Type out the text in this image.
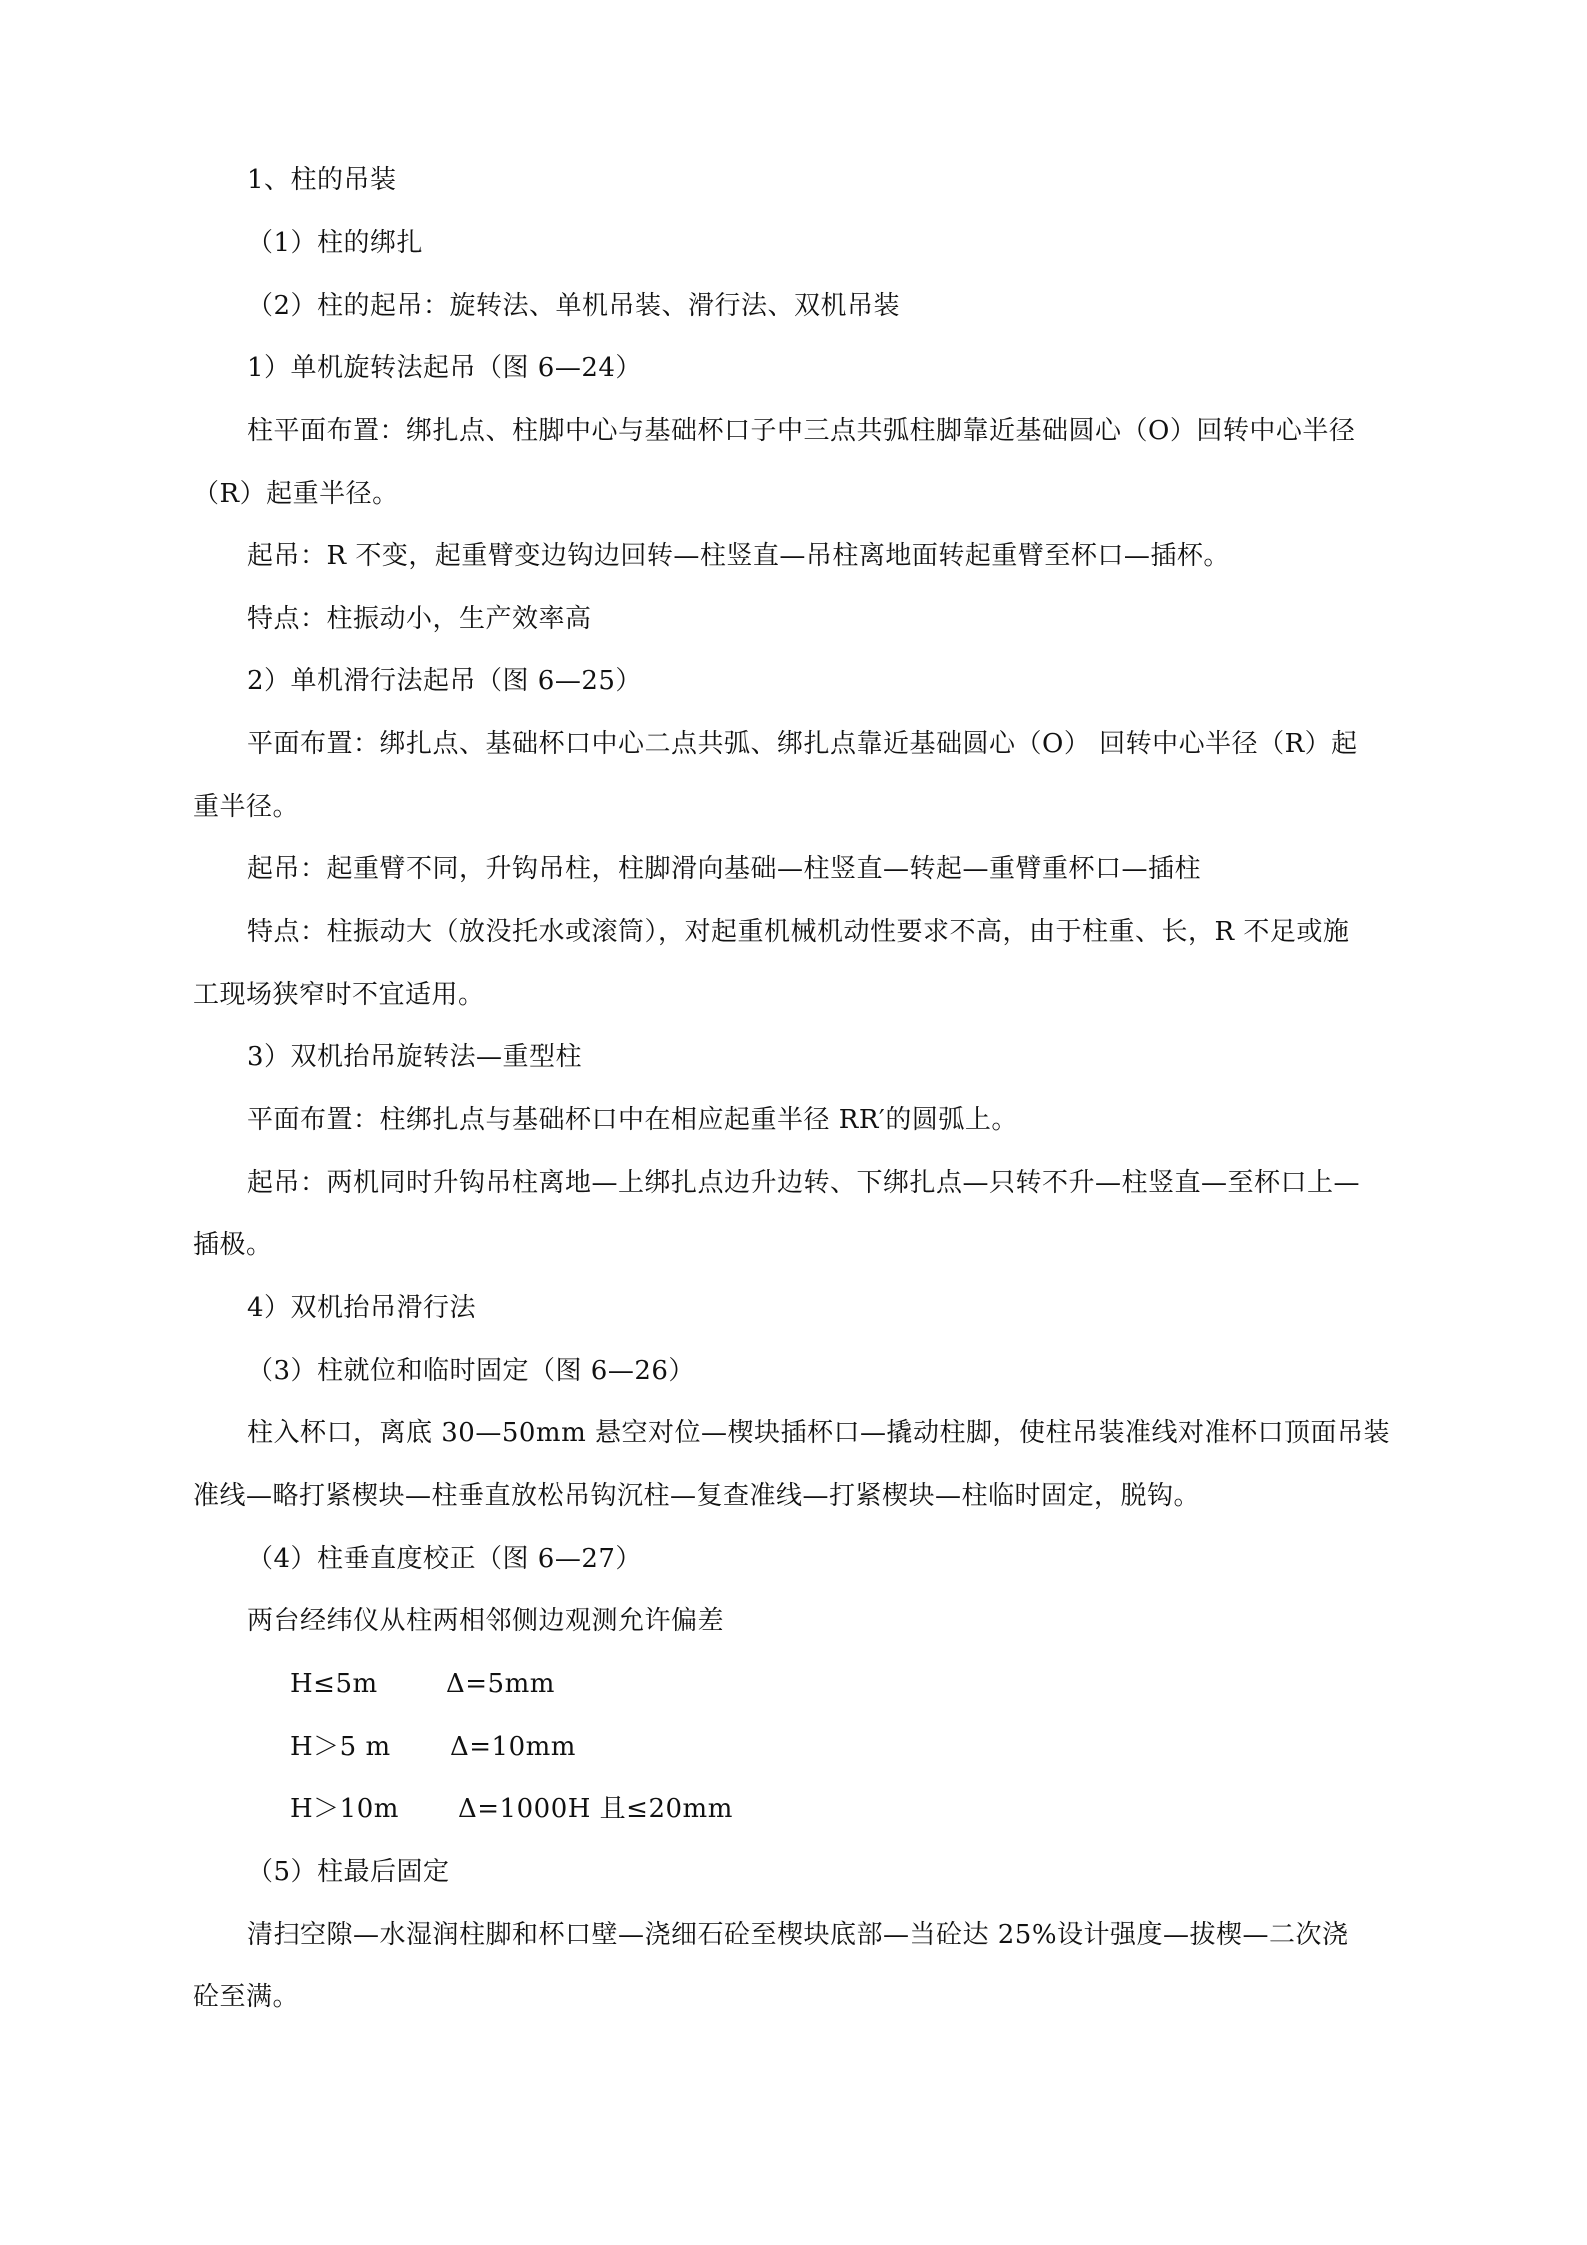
1、柱的吊装
（1）柱的绑扎
（2）柱的起吊：旋转法、单机吊装、滑行法、双机吊装
1）单机旋转法起吊（图 6—24）
柱平面布置：绑扎点、柱脚中心与基础杯口子中三点共弧柱脚靠近基础圆心（O）回转中心半径
（R）起重半径。
起吊：R 不变，起重臂变边钩边回转—柱竖直—吊柱离地面转起重臂至杯口—插杯。
特点：柱振动小，生产效率高
2）单机滑行法起吊（图 6—25）
平面布置：绑扎点、基础杯口中心二点共弧、绑扎点靠近基础圆心（O） 回转中心半径（R）起
重半径。
起吊：起重臂不同，升钩吊柱，柱脚滑向基础—柱竖直—转起—重臂重杯口—插柱
特点：柱振动大（放没托水或滚筒），对起重机械机动性要求不高，由于柱重、长，R 不足或施
工现场狭窄时不宜适用。
3）双机抬吊旋转法—重型柱
平面布置：柱绑扎点与基础杯口中在相应起重半径 RR′的圆弧上。
起吊：两机同时升钩吊柱离地—上绑扎点边升边转、下绑扎点—只转不升—柱竖直—至杯口上—
插极。
4）双机抬吊滑行法
（3）柱就位和临时固定（图 6—26）
柱入杯口，离底 30—50mm 悬空对位—楔块插杯口—撬动柱脚，使柱吊装准线对准杯口顶面吊装
准线—略打紧楔块—柱垂直放松吊钩沉柱—复查准线—打紧楔块—柱临时固定，脱钩。
（4）柱垂直度校正（图 6—27）
两台经纬仪从柱两相邻侧边观测允许偏差
H≤5m	Δ=5mm
H＞5 m Δ=10mm
H＞10m Δ=1000H 且≤20mm
（5）柱最后固定
清扫空隙—水湿润柱脚和杯口壁—浇细石砼至楔块底部—当砼达 25%设计强度—拔楔—二次浇
砼至满。
